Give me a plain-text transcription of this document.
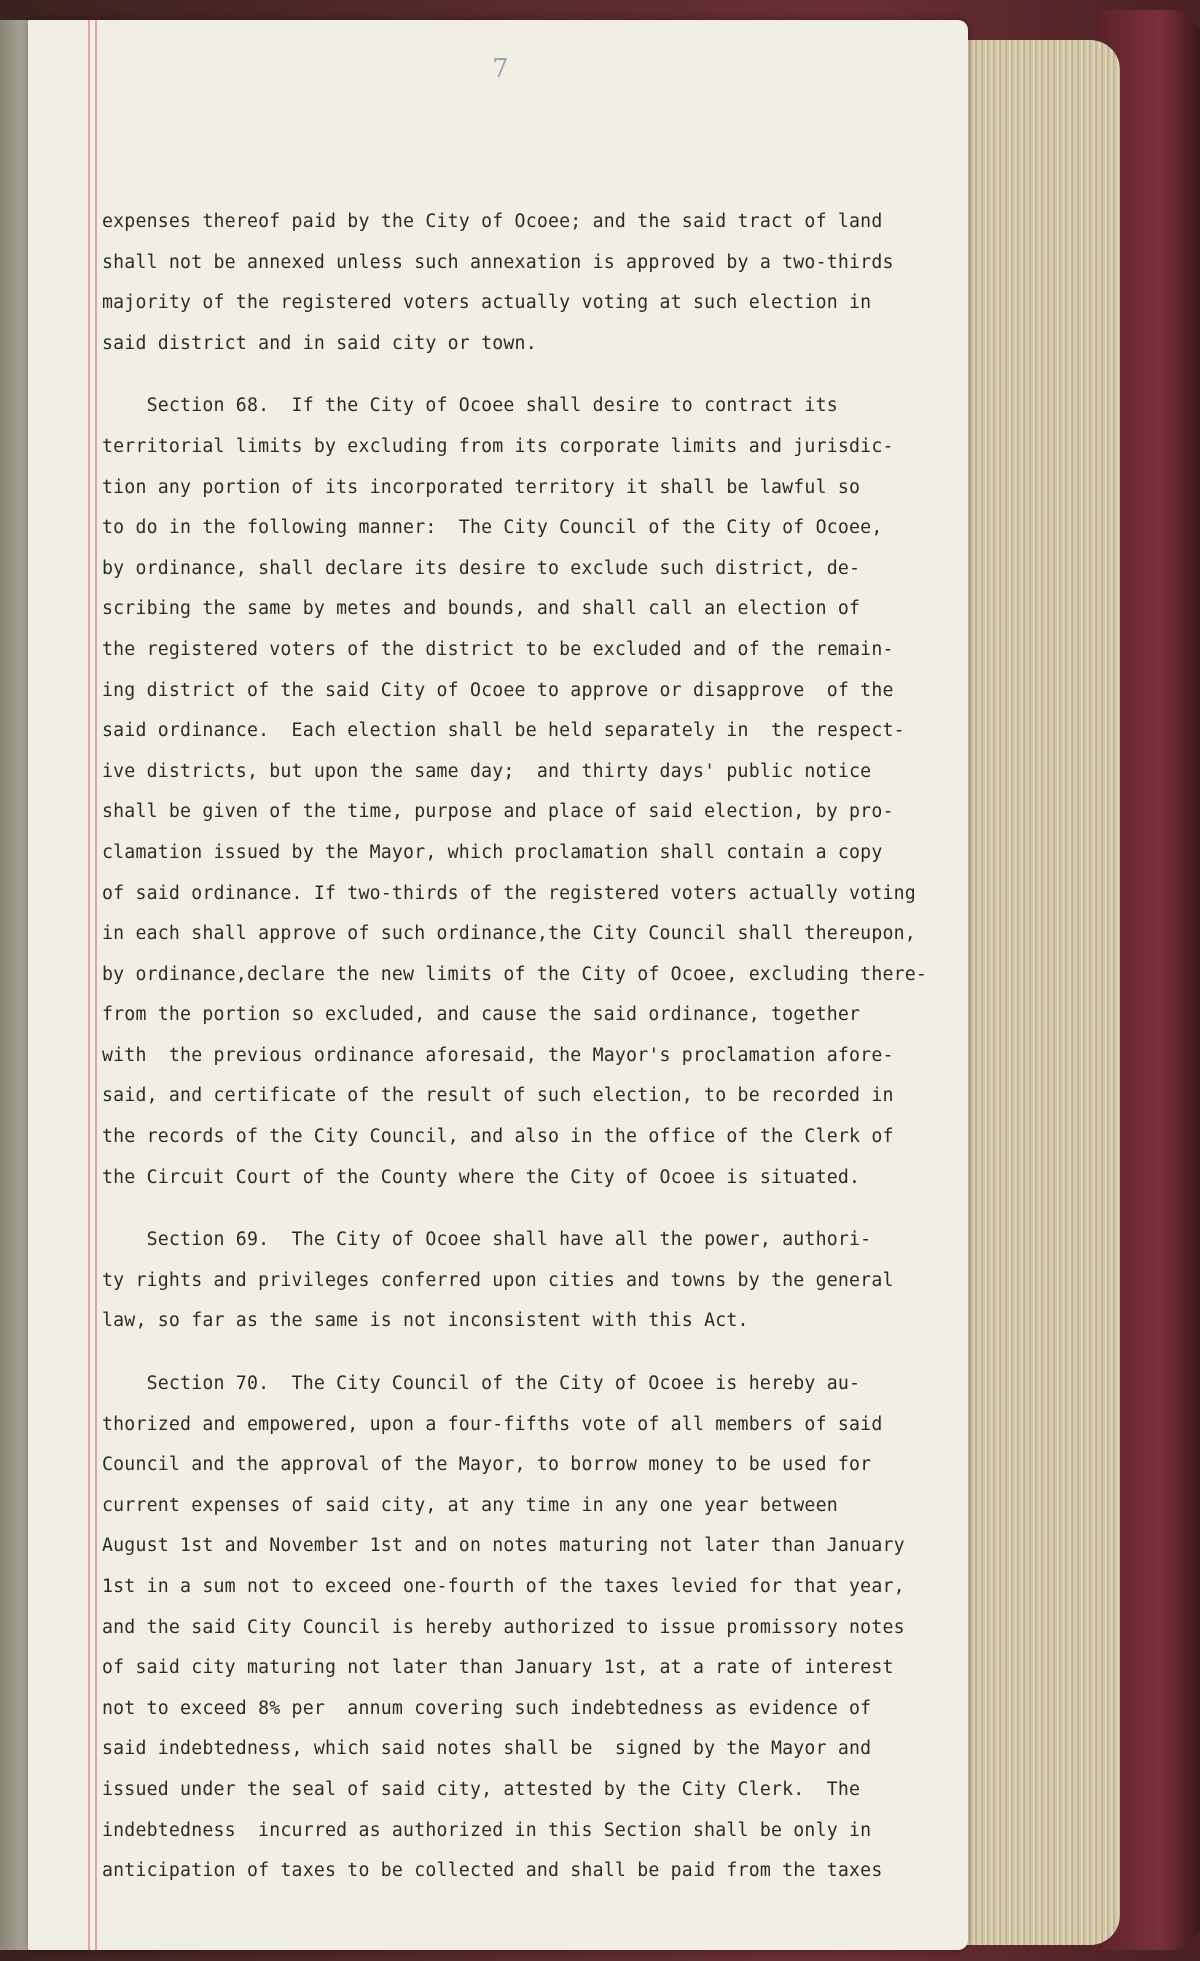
7
expenses thereof paid by the City of Ocoee; and the said tract of land
shall not be annexed unless such annexation is approved by a two-thirds
majority of the registered voters actually voting at such election in
said district and in said city or town.
Section 68.  If the City of Ocoee shall desire to contract its
territorial limits by excluding from its corporate limits and jurisdic-
tion any portion of its incorporated territory it shall be lawful so
to do in the following manner:  The City Council of the City of Ocoee,
by ordinance, shall declare its desire to exclude such district, de-
scribing the same by metes and bounds, and shall call an election of
the registered voters of the district to be excluded and of the remain-
ing district of the said City of Ocoee to approve or disapprove  of the
said ordinance.  Each election shall be held separately in  the respect-
ive districts, but upon the same day;  and thirty days' public notice
shall be given of the time, purpose and place of said election, by pro-
clamation issued by the Mayor, which proclamation shall contain a copy
of said ordinance. If two-thirds of the registered voters actually voting
in each shall approve of such ordinance,the City Council shall thereupon,
by ordinance,declare the new limits of the City of Ocoee, excluding there-
from the portion so excluded, and cause the said ordinance, together
with  the previous ordinance aforesaid, the Mayor's proclamation afore-
said, and certificate of the result of such election, to be recorded in
the records of the City Council, and also in the office of the Clerk of
the Circuit Court of the County where the City of Ocoee is situated.
Section 69.  The City of Ocoee shall have all the power, authori-
ty rights and privileges conferred upon cities and towns by the general
law, so far as the same is not inconsistent with this Act.
Section 70.  The City Council of the City of Ocoee is hereby au-
thorized and empowered, upon a four-fifths vote of all members of said
Council and the approval of the Mayor, to borrow money to be used for
current expenses of said city, at any time in any one year between
August 1st and November 1st and on notes maturing not later than January
1st in a sum not to exceed one-fourth of the taxes levied for that year,
and the said City Council is hereby authorized to issue promissory notes
of said city maturing not later than January 1st, at a rate of interest
not to exceed 8% per  annum covering such indebtedness as evidence of
said indebtedness, which said notes shall be  signed by the Mayor and
issued under the seal of said city, attested by the City Clerk.  The
indebtedness  incurred as authorized in this Section shall be only in
anticipation of taxes to be collected and shall be paid from the taxes
